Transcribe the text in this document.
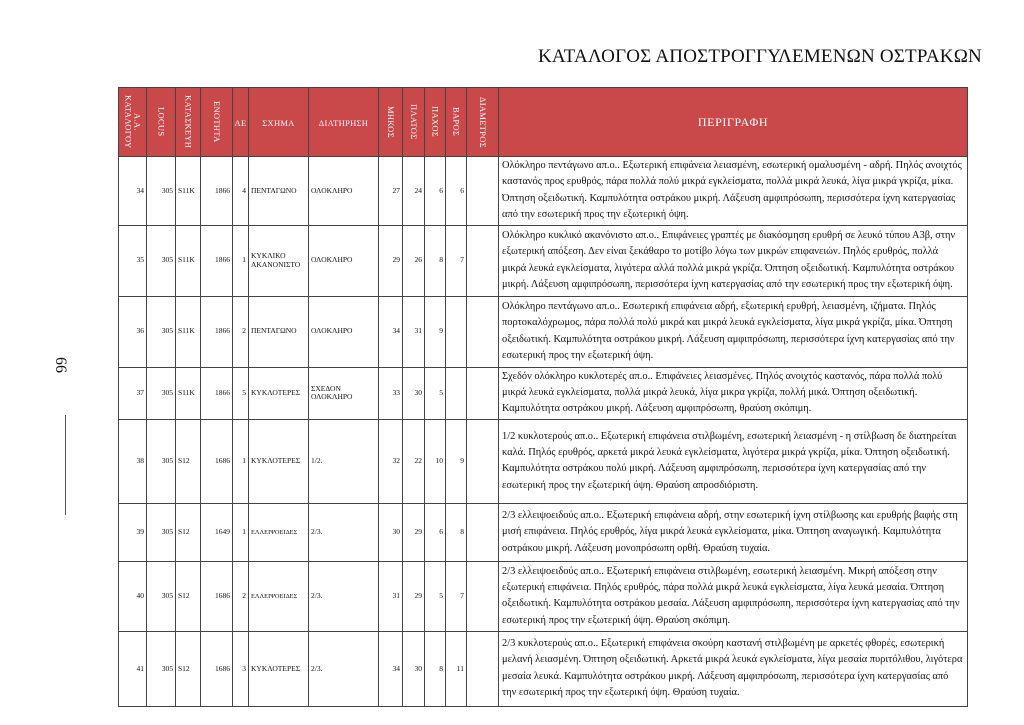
ΚΑΤΑΛΟΓΟΣ ΑΠΟΣΤΡΟΓΓΥΛΕΜΕΝΩΝ ΟΣΤΡΑΚΩΝ
66
Α.Α.
ΚΑΤΑΛΟΓΟΥ	LOCUS	ΚΑΤΑΣΚΕΥΗ	ΕΝΟΤΗΤΑ	ΑΕ	ΣΧΗΜΑ	ΔΙΑΤΗΡΗΣΗ	ΜΗΚΟΣ	ΠΛΑΤΟΣ	ΠΑΧΟΣ	ΒΑΡΟΣ	ΔΙΑΜΕΤΡΟΣ	ΠΕΡΙΓΡΑΦΗ
34	305	S11K	1866	4	ΠΕΝΤΑΓΩΝΟ	ΟΛΟΚΛΗΡΟ	27	24	6	6		Ολόκληρο πεντάγωνο απ.ο.. Εξωτερική επιφάνεια λειασμένη, εσωτερική ομαλυσμένη - αδρή. Πηλός ανοιχτός καστανός προς ερυθρός, πάρα πολλά πολύ μικρά εγκλείσματα, πολλά μικρά λευκά, λίγα μικρά γκρίζα, μίκα. Όπτηση οξειδωτική. Καμπυλότητα οστράκου μικρή. Λάξευση αμφιπρόσωπη, περισσότερα ίχνη κατεργασίας από την εσωτερική προς την εξωτερική όψη.
35	305	S11K	1866	1	ΚΥΚΛΙΚΟ ΑΚΑΝΟΝΙΣΤΟ	ΟΛΟΚΛΗΡΟ	29	26	8	7		Ολόκληρο κυκλικό ακανόνιστο απ.ο.. Επιφάνειες γραπτές με διακόσμηση ερυθρή σε λευκό τύπου Α3β, στην εξωτερική απόξεση. Δεν είναι ξεκάθαρο το μοτίβο λόγω των μικρών επιφανειών. Πηλός ερυθρός, πολλά μικρά λευκά εγκλείσματα, λιγότερα αλλά πολλά μικρά γκρίζα. Όπτηση οξειδωτική. Καμπυλότητα οστράκου μικρή. Λάξευση αμφιπρόσωπη, περισσότερα ίχνη κατεργασίας από την εσωτερική προς την εξωτερική όψη.
36	305	S11K	1866	2	ΠΕΝΤΑΓΩΝΟ	ΟΛΟΚΛΗΡΟ	34	31	9			Ολόκληρο πεντάγωνο απ.ο.. Εσωτερική επιφάνεια αδρή, εξωτερική ερυθρή, λειασμένη, ιζήματα. Πηλός πορτοκαλόχρωμος, πάρα πολλά πολύ μικρά και μικρά λευκά εγκλείσματα, λίγα μικρά γκρίζα, μίκα. Όπτηση οξειδωτική. Καμπυλότητα οστράκου μικρή. Λάξευση αμφιπρόσωπη, περισσότερα ίχνη κατεργασίας από την εσωτερική προς την εξωτερική όψη.
37	305	S11K	1866	5	ΚΥΚΛΟΤΕΡΕΣ	ΣΧΕΔΟΝ ΟΛΟΚΛΗΡΟ	33	30	5			Σχεδόν ολόκληρο κυκλοτερές απ.ο.. Επιφάνειες λειασμένες. Πηλός ανοιχτός καστανός, πάρα πολλά πολύ μικρά λευκά εγκλείσματα, πολλά μικρά λευκά, λίγα μικρα γκρίζα, πολλή μικά. Όπτηση οξειδωτική. Καμπυλότητα οστράκου μικρή. Λάξευση αμφιπρόσωπη, θραύση σκόπιμη.
38	305	S12	1686	1	ΚΥΚΛΟΤΕΡΕΣ	1/2.	32	22	10	9		1/2 κυκλοτερούς απ.ο.. Εξωτερική επιφάνεια στιλβωμένη, εσωτερική λειασμένη - η στίλβωση δε διατηρείται καλά. Πηλός ερυθρός, αρκετά μικρά λευκά εγκλείσματα, λιγότερα μικρά γκρίζα, μίκα. Όπτηση οξειδωτική. Καμπυλότητα οστράκου πολύ μικρή. Λάξευση αμφιπρόσωπη, περισσότερα ίχνη κατεργασίας από την εσωτερική προς την εξωτερική όψη. Θραύση απροσδιόριστη.
39	305	S12	1649	1	ΕΛΛΕΙΨΟΕΙΔΕΣ	2/3.	30	29	6	8		2/3 ελλειψοειδούς απ.ο.. Εξωτερική επιφάνεια αδρή, στην εσωτερική ίχνη στίλβωσης και ερυθρής βαφής στη μισή επιφάνεια. Πηλός ερυθρός, λίγα μικρά λευκά εγκλείσματα, μίκα. Όπτηση αναγωγική. Καμπυλότητα οστράκου μικρή. Λάξευση μονοπρόσωπη ορθή. Θραύση τυχαία.
40	305	S12	1686	2	ΕΛΛΕΙΨΟΕΙΔΕΣ	2/3.	31	29	5	7		2/3 ελλειψοειδούς απ.ο.. Εξωτερική επιφάνεια στιλβωμένη, εσωτερική λειασμένη. Μικρή απόξεση στην εξωτερική επιφάνεια. Πηλός ερυθρός, πάρα πολλά μικρά λευκά εγκλείσματα, λίγα λευκά μεσαία. Όπτηση οξειδωτική. Καμπυλότητα οστράκου μεσαία. Λάξευση αμφιπρόσωπη, περισσότερα ίχνη κατεργασίας από την εσωτερική προς την εξωτερική όψη. Θραύση σκόπιμη.
41	305	S12	1686	3	ΚΥΚΛΟΤΕΡΕΣ	2/3.	34	30	8	11		2/3 κυκλοτερούς απ.ο.. Εξωτερική επιφάνεια σκούρη καστανή στιλβωμένη με αρκετές φθορές, εσωτερική μελανή λειασμένη. Όπτηση οξειδωτική. Αρκετά μικρά λευκά εγκλείσματα, λίγα μεσαία πυριτόλιθου, λιγότερα μεσαία λευκά. Καμπυλότητα οστράκου μικρή. Λάξευση αμφιπρόσωπη, περισσότερα ίχνη κατεργασίας από την εσωτερική προς την εξωτερική όψη. Θραύση τυχαία.
